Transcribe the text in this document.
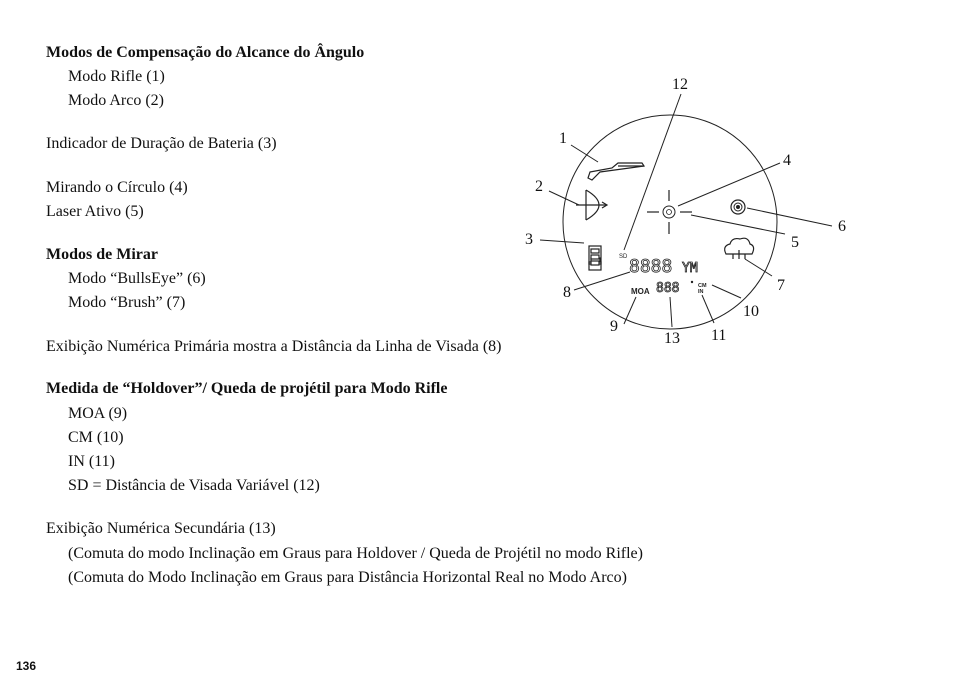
Modos de Compensação do Alcance do Ângulo
Modo Rifle (1)
Modo Arco (2)
Indicador de Duração de Bateria (3)
Mirando o Círculo (4)
Laser Ativo (5)
Modos de Mirar
Modo “BullsEye” (6)
Modo “Brush” (7)
Exibição Numérica Primária mostra a Distância da Linha de Visada (8)
Medida de “Holdover”/ Queda de projétil para Modo Rifle
MOA (9)
CM (10)
IN (11)
SD = Distância de Visada Variável (12)
Exibição Numérica Secundária (13)
(Comuta do modo Inclinação em Graus para Holdover / Queda de Projétil no modo Rifle)
(Comuta do Modo Inclinação em Graus para Distância Horizontal Real no Modo Arco)
136
SD 8888 YM
MOA 888	CM
IN
1
2
3
4
5
6
7
8
9
10
11
12
13
